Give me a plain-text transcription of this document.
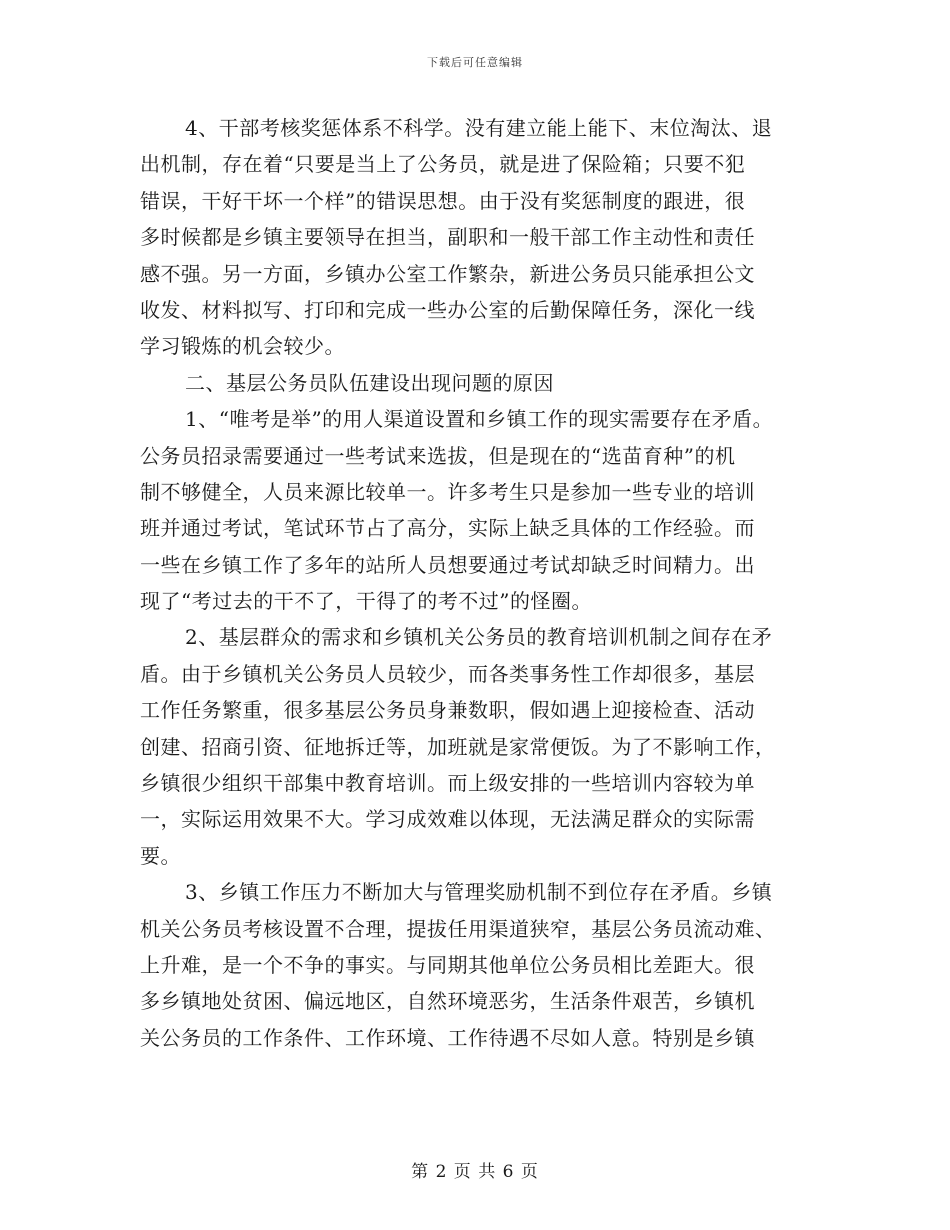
下载后可任意编辑
4、干部考核奖惩体系不科学。没有建立能上能下、末位淘汰、退
出机制，存在着“只要是当上了公务员，就是进了保险箱；只要不犯
错误，干好干坏一个样”的错误思想。由于没有奖惩制度的跟进，很
多时候都是乡镇主要领导在担当，副职和一般干部工作主动性和责任
感不强。另一方面，乡镇办公室工作繁杂，新进公务员只能承担公文
收发、材料拟写、打印和完成一些办公室的后勤保障任务，深化一线
学习锻炼的机会较少。
二、基层公务员队伍建设出现问题的原因
1、“唯考是举”的用人渠道设置和乡镇工作的现实需要存在矛盾。
公务员招录需要通过一些考试来选拔，但是现在的“选苗育种”的机
制不够健全，人员来源比较单一。许多考生只是参加一些专业的培训
班并通过考试，笔试环节占了高分，实际上缺乏具体的工作经验。而
一些在乡镇工作了多年的站所人员想要通过考试却缺乏时间精力。出
现了“考过去的干不了，干得了的考不过”的怪圈。
2、基层群众的需求和乡镇机关公务员的教育培训机制之间存在矛
盾。由于乡镇机关公务员人员较少，而各类事务性工作却很多，基层
工作任务繁重，很多基层公务员身兼数职，假如遇上迎接检查、活动
创建、招商引资、征地拆迁等，加班就是家常便饭。为了不影响工作，
乡镇很少组织干部集中教育培训。而上级安排的一些培训内容较为单
一，实际运用效果不大。学习成效难以体现，无法满足群众的实际需
要。
3、乡镇工作压力不断加大与管理奖励机制不到位存在矛盾。乡镇
机关公务员考核设置不合理，提拔任用渠道狭窄，基层公务员流动难、
上升难，是一个不争的事实。与同期其他单位公务员相比差距大。很
多乡镇地处贫困、偏远地区，自然环境恶劣，生活条件艰苦，乡镇机
关公务员的工作条件、工作环境、工作待遇不尽如人意。特别是乡镇
第 2 页 共 6 页
